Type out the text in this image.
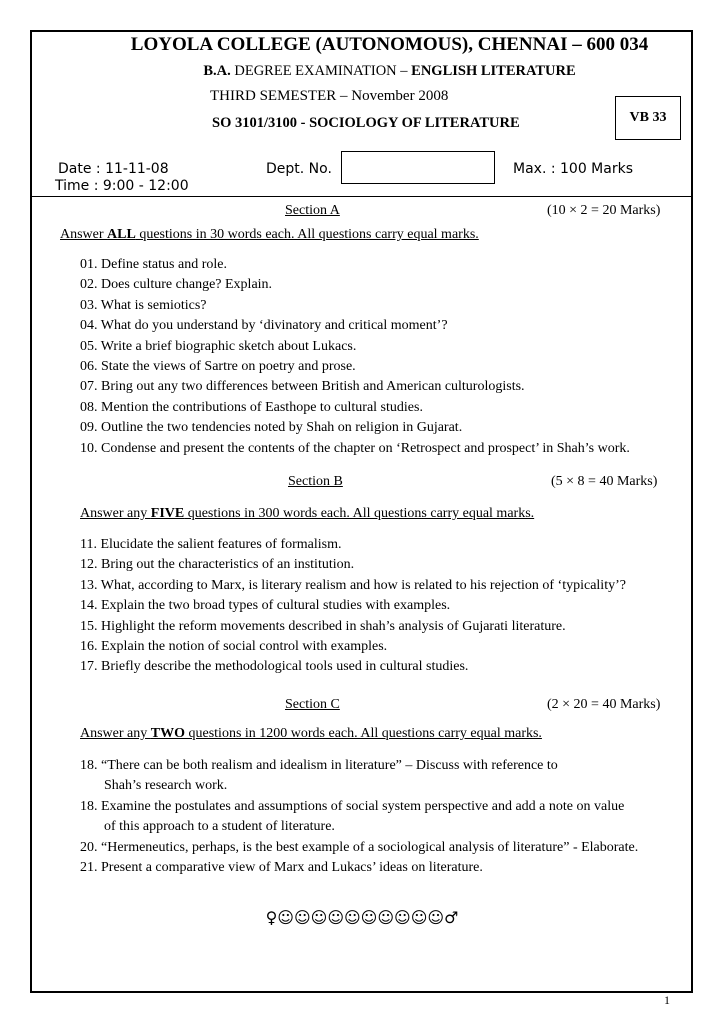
LOYOLA COLLEGE (AUTONOMOUS), CHENNAI – 600 034
B.A. DEGREE EXAMINATION – ENGLISH LITERATURE
THIRD SEMESTER – November 2008
SO 3101/3100 - SOCIOLOGY OF LITERATURE	VB 33
Date : 11-11-08	Dept. No.	Max. : 100 Marks
Time : 9:00 - 12:00
Section A	(10 × 2 = 20 Marks)
Answer ALL questions in 30 words each. All questions carry equal marks.
01. Define status and role.
02. Does culture change? Explain.
03. What is semiotics?
04. What do you understand by ‘divinatory and critical moment’?
05. Write a brief biographic sketch about Lukacs.
06. State the views of Sartre on poetry and prose.
07. Bring out any two differences between British and American culturologists.
08. Mention the contributions of Easthope to cultural studies.
09. Outline the two tendencies noted by Shah on religion in Gujarat.
10. Condense and present the contents of the chapter on ‘Retrospect and prospect’ in Shah’s work.
Section B	(5 × 8 = 40 Marks)
Answer any FIVE questions in 300 words each. All questions carry equal marks.
11. Elucidate the salient features of formalism.
12. Bring out the characteristics of an institution.
13. What, according to Marx, is literary realism and how is related to his rejection of ‘typicality’?
14. Explain the two broad types of cultural studies with examples.
15. Highlight the reform movements described in shah’s analysis of Gujarati literature.
16. Explain the notion of social control with examples.
17. Briefly describe the methodological tools used in cultural studies.
Section C	(2 × 20 = 40 Marks)
Answer any TWO questions in 1200 words each. All questions carry equal marks.
18. “There can be both realism and idealism in literature” – Discuss with reference to
Shah’s research work.
18. Examine the postulates and assumptions of social system perspective and add a note on value
of this approach to a student of literature.
20. “Hermeneutics, perhaps, is the best example of a sociological analysis of literature” - Elaborate.
21. Present a comparative view of Marx and Lukacs’ ideas on literature.
♀☺☺☺☺☺☺☺☺☺☺♂
1
